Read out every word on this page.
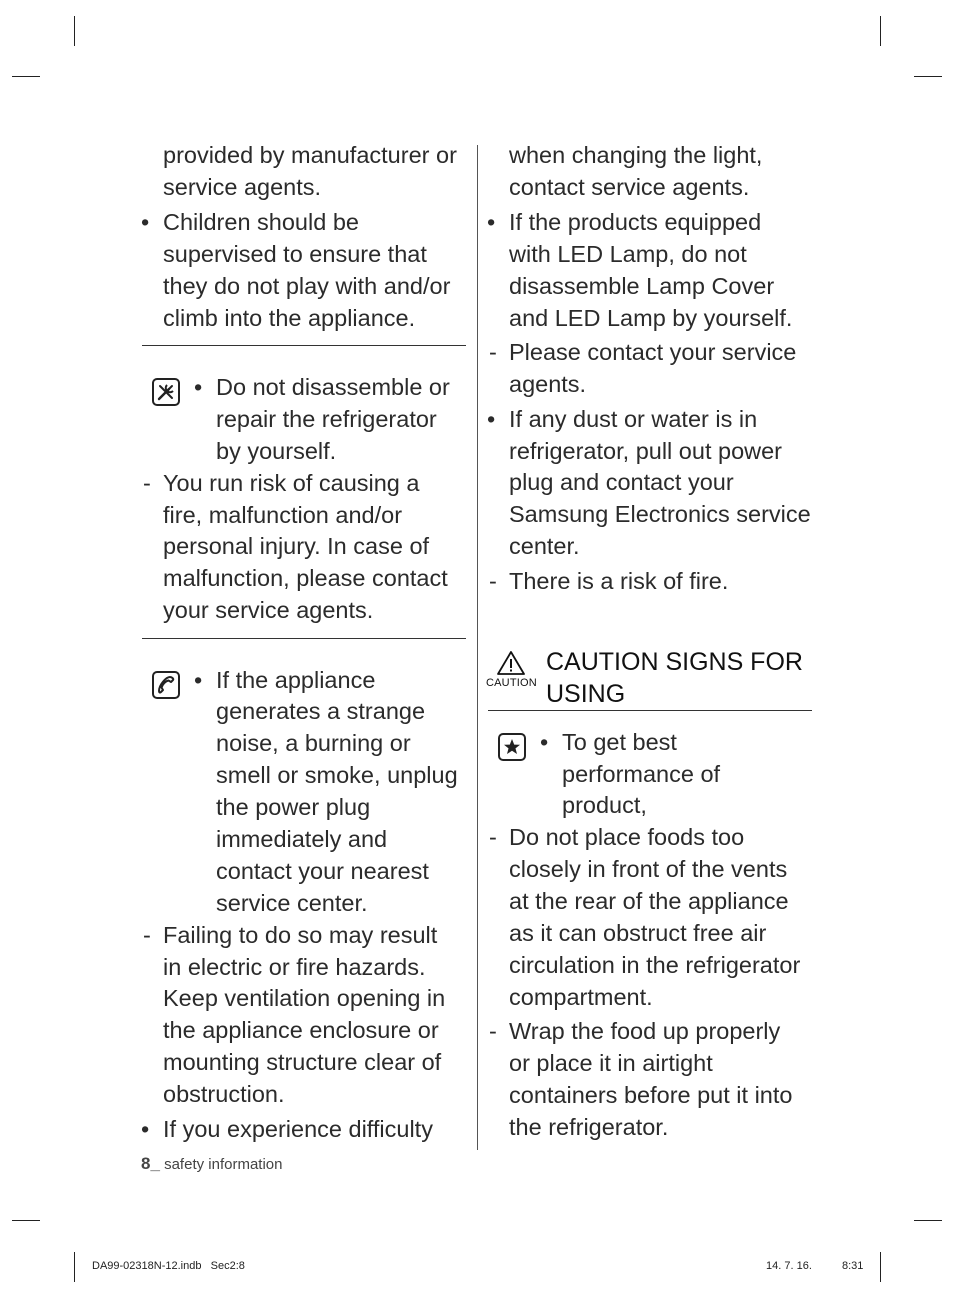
provided by manufacturer or
service agents.
• Children should be
supervised to ensure that
they do not play with and/or
climb into the appliance.
• Do not disassemble or
repair the refrigerator
by yourself.
- You run risk of causing a
fire, malfunction and/or
personal injury. In case of
malfunction, please contact
your service agents.
• If the appliance
generates a strange
noise, a burning or
smell or smoke, unplug
the power plug
immediately and
contact your nearest
service center.
- Failing to do so may result
in electric or fire hazards.
Keep ventilation opening in
the appliance enclosure or
mounting structure clear of
obstruction.
• If you experience difficulty
when changing the light,
contact service agents.
• If the products equipped
with LED Lamp, do not
disassemble Lamp Cover
and LED Lamp by yourself.
- Please contact your service
agents.
• If any dust or water is in
refrigerator, pull out power
plug and contact your
Samsung Electronics service
center.
- There is a risk of fire.
CAUTION
CAUTION SIGNS FOR
USING
• To get best
performance of
product,
- Do not place foods too
closely in front of the vents
at the rear of the appliance
as it can obstruct free air
circulation in the refrigerator
compartment.
- Wrap the food up properly
or place it in airtight
containers before put it into
the refrigerator.
8_ safety information
DA99-02318N-12.indb   Sec2:8	14. 7. 16.	8:31
